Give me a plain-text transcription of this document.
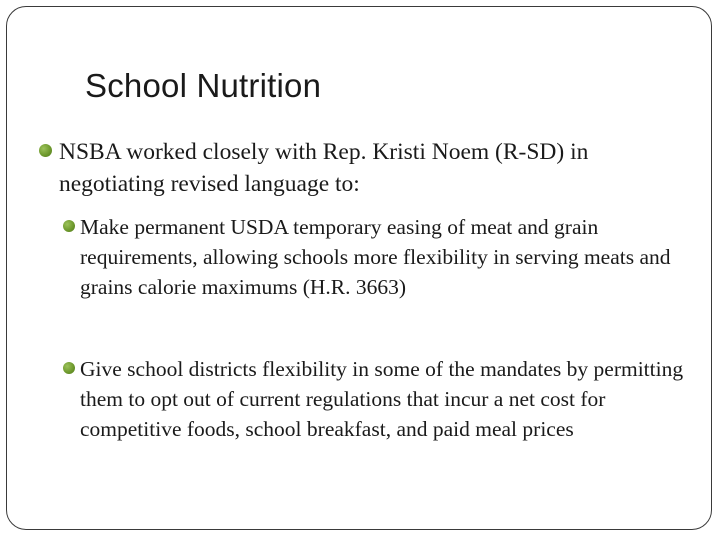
School Nutrition
NSBA worked closely with Rep. Kristi Noem (R-SD) in negotiating revised language to:
Make permanent USDA temporary easing of meat and grain requirements, allowing schools more flexibility in serving meats and grains calorie maximums (H.R. 3663)
Give school districts flexibility in some of the mandates by permitting them to opt out of current regulations that incur a net cost for competitive foods, school breakfast, and paid meal prices
